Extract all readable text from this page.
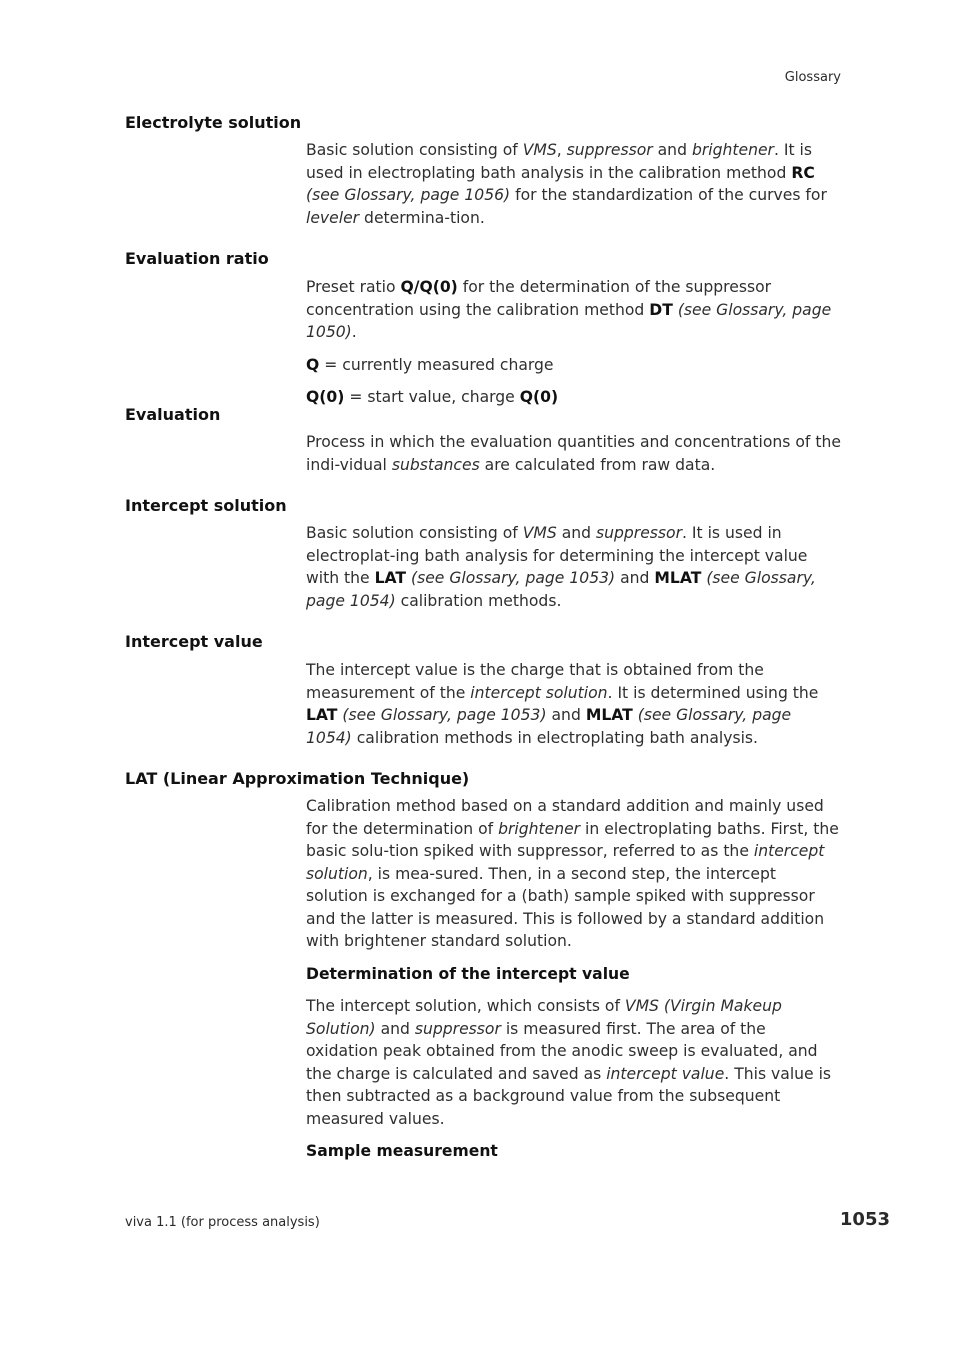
Glossary
Electrolyte solution

Basic solution consisting of VMS, suppressor and brightener. It is used in electroplating bath analysis in the calibration method RC (see Glossary, page 1056) for the standardization of the curves for leveler determina-tion.

Evaluation ratio

Preset ratio Q/Q(0) for the determination of the suppressor concentration using the calibration method DT (see Glossary, page 1050).

Q = currently measured charge

Q(0) = start value, charge Q(0)

Evaluation

Process in which the evaluation quantities and concentrations of the indi-vidual substances are calculated from raw data.

Intercept solution

Basic solution consisting of VMS and suppressor. It is used in electroplat-ing bath analysis for determining the intercept value with the LAT (see Glossary, page 1053) and MLAT (see Glossary, page 1054) calibration methods.

Intercept value

The intercept value is the charge that is obtained from the measurement of the intercept solution. It is determined using the LAT (see Glossary, page 1053) and MLAT (see Glossary, page 1054) calibration methods in electroplating bath analysis.

LAT (Linear Approximation Technique)

Calibration method based on a standard addition and mainly used for the determination of brightener in electroplating baths. First, the basic solu-tion spiked with suppressor, referred to as the intercept solution, is mea-sured. Then, in a second step, the intercept solution is exchanged for a (bath) sample spiked with suppressor and the latter is measured. This is followed by a standard addition with brightener standard solution.

Determination of the intercept value

The intercept solution, which consists of VMS (Virgin Makeup Solution) and suppressor is measured first. The area of the oxidation peak obtained from the anodic sweep is evaluated, and the charge is calculated and saved as intercept value. This value is then subtracted as a background value from the subsequent measured values.

Sample measurement

viva 1.1 (for process analysis)	1053
